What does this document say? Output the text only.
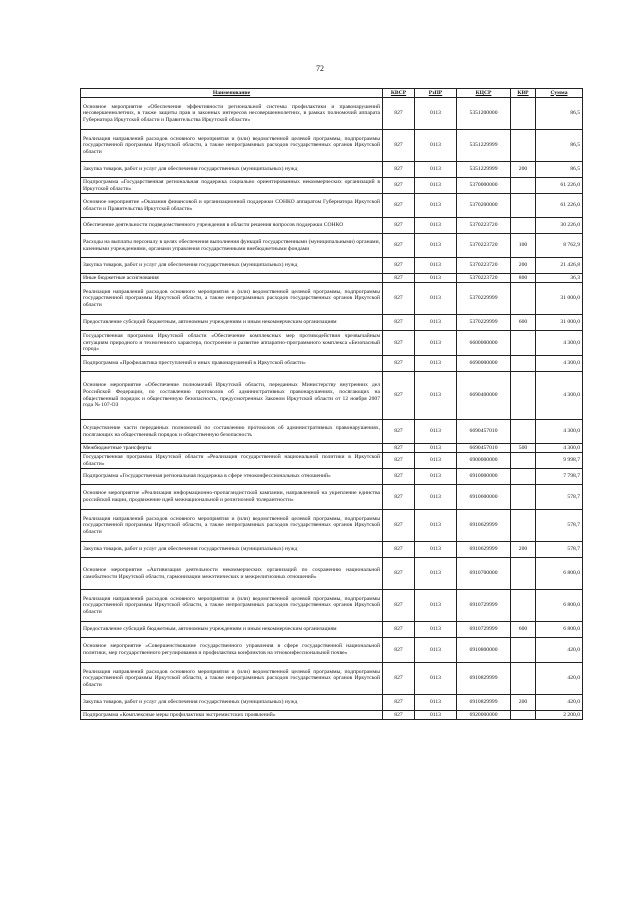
72
Наименование	КВСР	РзПР	КЦСР	КВР	Сумма
Основное мероприятие «Обеспечение эффективности региональной системы профилактики и правонарушений несовершеннолетних, в также защиты прав и законных интересов несовершеннолетних, в рамках полномочий аппарата Губернатора Иркутской области и Правительства Иркутской области»	827	0113	5351200000		86,5
Реализация направлений расходов основного мероприятия и (или) ведомственной целевой программы, подпрограммы государственной программы Иркутской области, а также непрограммных расходов государственных органов Иркутской области	827	0113	5351229999		86,5
Закупка товаров, работ и услуг для обеспечения государственных (муниципальных) нужд	827	0113	5351229999	200	86,5
Подпрограмма «Государственная региональная поддержка социально ориентированных некоммерческих организаций в Иркутской области»	827	0113	5370000000		61 226,0
Основное мероприятие «Оказания финансовой и организационной поддержки СОНКО аппаратом Губернатора Иркутской области и Правительства Иркутской области»	827	0113	5370200000		61 226,0
Обеспечение деятельности подведомственного учреждения в области решения вопросов поддержки СОНКО	827	0113	5370223720		30 226,0
Расходы на выплаты персоналу в целях обеспечения выполнения функций государственными (муниципальными) органами, казенными учреждениями, органами управления государственными внебюджетными фондами	827	0113	5370223720	100	8 762,9
Закупка товаров, работ и услуг для обеспечения государственных (муниципальных) нужд	827	0113	5370223720	200	21 426,8
Иные бюджетные ассигнования	827	0113	5370223720	800	36,3
Реализация направлений расходов основного мероприятия и (или) ведомственной целевой программы, подпрограммы государственной программы Иркутской области, а также непрограммных расходов государственных органов Иркутской области	827	0113	5370229999		31 000,0
Предоставление субсидий бюджетным, автономным учреждениям и иным некоммерческим организациям	827	0113	5370229999	600	31 000,0
Государственная программа Иркутской области «Обеспечение комплексных мер противодействия чрезвычайным ситуациям природного и техногенного характера, построение и развитие аппаратно-программного комплекса «Безопасный город»	827	0113	6600000000		4 300,0
Подпрограмма «Профилактика преступлений и иных правонарушений в Иркутской области»	827	0113	6690000000		4 300,0
Основное мероприятие «Обеспечение полномочий Иркутской области, переданных Министерству внутренних дел Российской Федерации, по составлению протоколов об административных правонарушениях, посягающих на общественный порядок и общественную безопасность, предусмотренных Законом Иркутской области от 12 ноября 2007 года № 107-ОЗ	827	0113	6690400000		4 300,0
Осуществление части переданных полномочий по составлению протоколов об административных правонарушениях, посягающих на общественный порядок и общественную безопасность	827	0113	6690457010		4 300,0
Межбюджетные трансферты	827	0113	6690457010	500	4 300,0
Государственная программа Иркутской области «Реализация государственной национальной политики в Иркутской области»	827	0113	6900000000		9 998,7
Подпрограмма «Государственная региональная поддержка в сфере этноконфессиональных отношений»	827	0113	6910000000		7 798,7
Основное мероприятие «Реализация информационно-пропагандистской кампании, направленной на укрепление единства российской нации, продвижение идей межнациональной и религиозной толерантности»	827	0113	6910600000		578,7
Реализация направлений расходов основного мероприятия и (или) ведомственной целевой программы, подпрограммы государственной программы Иркутской области, а также непрограммных расходов государственных органов Иркутской области	827	0113	6910629999		578,7
Закупка товаров, работ и услуг для обеспечения государственных (муниципальных) нужд	827	0113	6910629999	200	578,7
Основное мероприятие «Активизация деятельности некоммерческих организаций по сохранению национальной самобытности Иркутской области, гармонизации межэтнических и межрелигиозных отношений»	827	0113	6910700000		6 800,0
Реализация направлений расходов основного мероприятия и (или) ведомственной целевой программы, подпрограммы государственной программы Иркутской области, а также непрограммных расходов государственных органов Иркутской области	827	0113	6910729999		6 800,0
Предоставление субсидий бюджетным, автономным учреждениям и иным некоммерческим организациям	827	0113	6910729999	600	6 800,0
Основное мероприятие «Совершенствование государственного управления в сфере государственной национальной политики, мер государственного регулирования и профилактика конфликтов на этноконфессиональной почве»	827	0113	6910800000		420,0
Реализация направлений расходов основного мероприятия и (или) ведомственной целевой программы, подпрограммы государственной программы Иркутской области, а также непрограммных расходов государственных органов Иркутской области	827	0113	6910829999		420,0
Закупка товаров, работ и услуг для обеспечения государственных (муниципальных) нужд	827	0113	6910829999	200	420,0
Подпрограмма «Комплексные меры профилактики экстремистских проявлений»	827	0113	6920000000		2 200,0
